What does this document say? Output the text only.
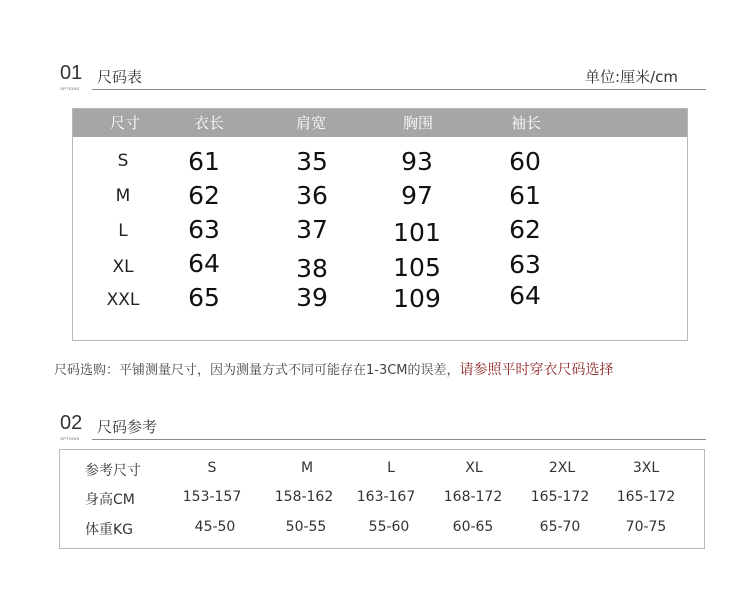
01
OPTIONS
尺码表	单位:厘米/cm
尺寸	衣长	肩宽	胸围	袖长
S 61	35	93	60
M 62	36	97	61
L 63	37	101	62
XL 64	38	105	63
XXL 65	39	109	64
尺码选购：平铺测量尺寸，因为测量方式不同可能存在1-3CM的误差，请参照平时穿衣尺码选择
02
OPTIONS
尺码参考
参考尺寸	S	M	L	XL	2XL	3XL
身高CM	153-157 158-162 163-167 168-172 165-172 165-172
体重KG	45-50	50-55	55-60	60-65	65-70	70-75
